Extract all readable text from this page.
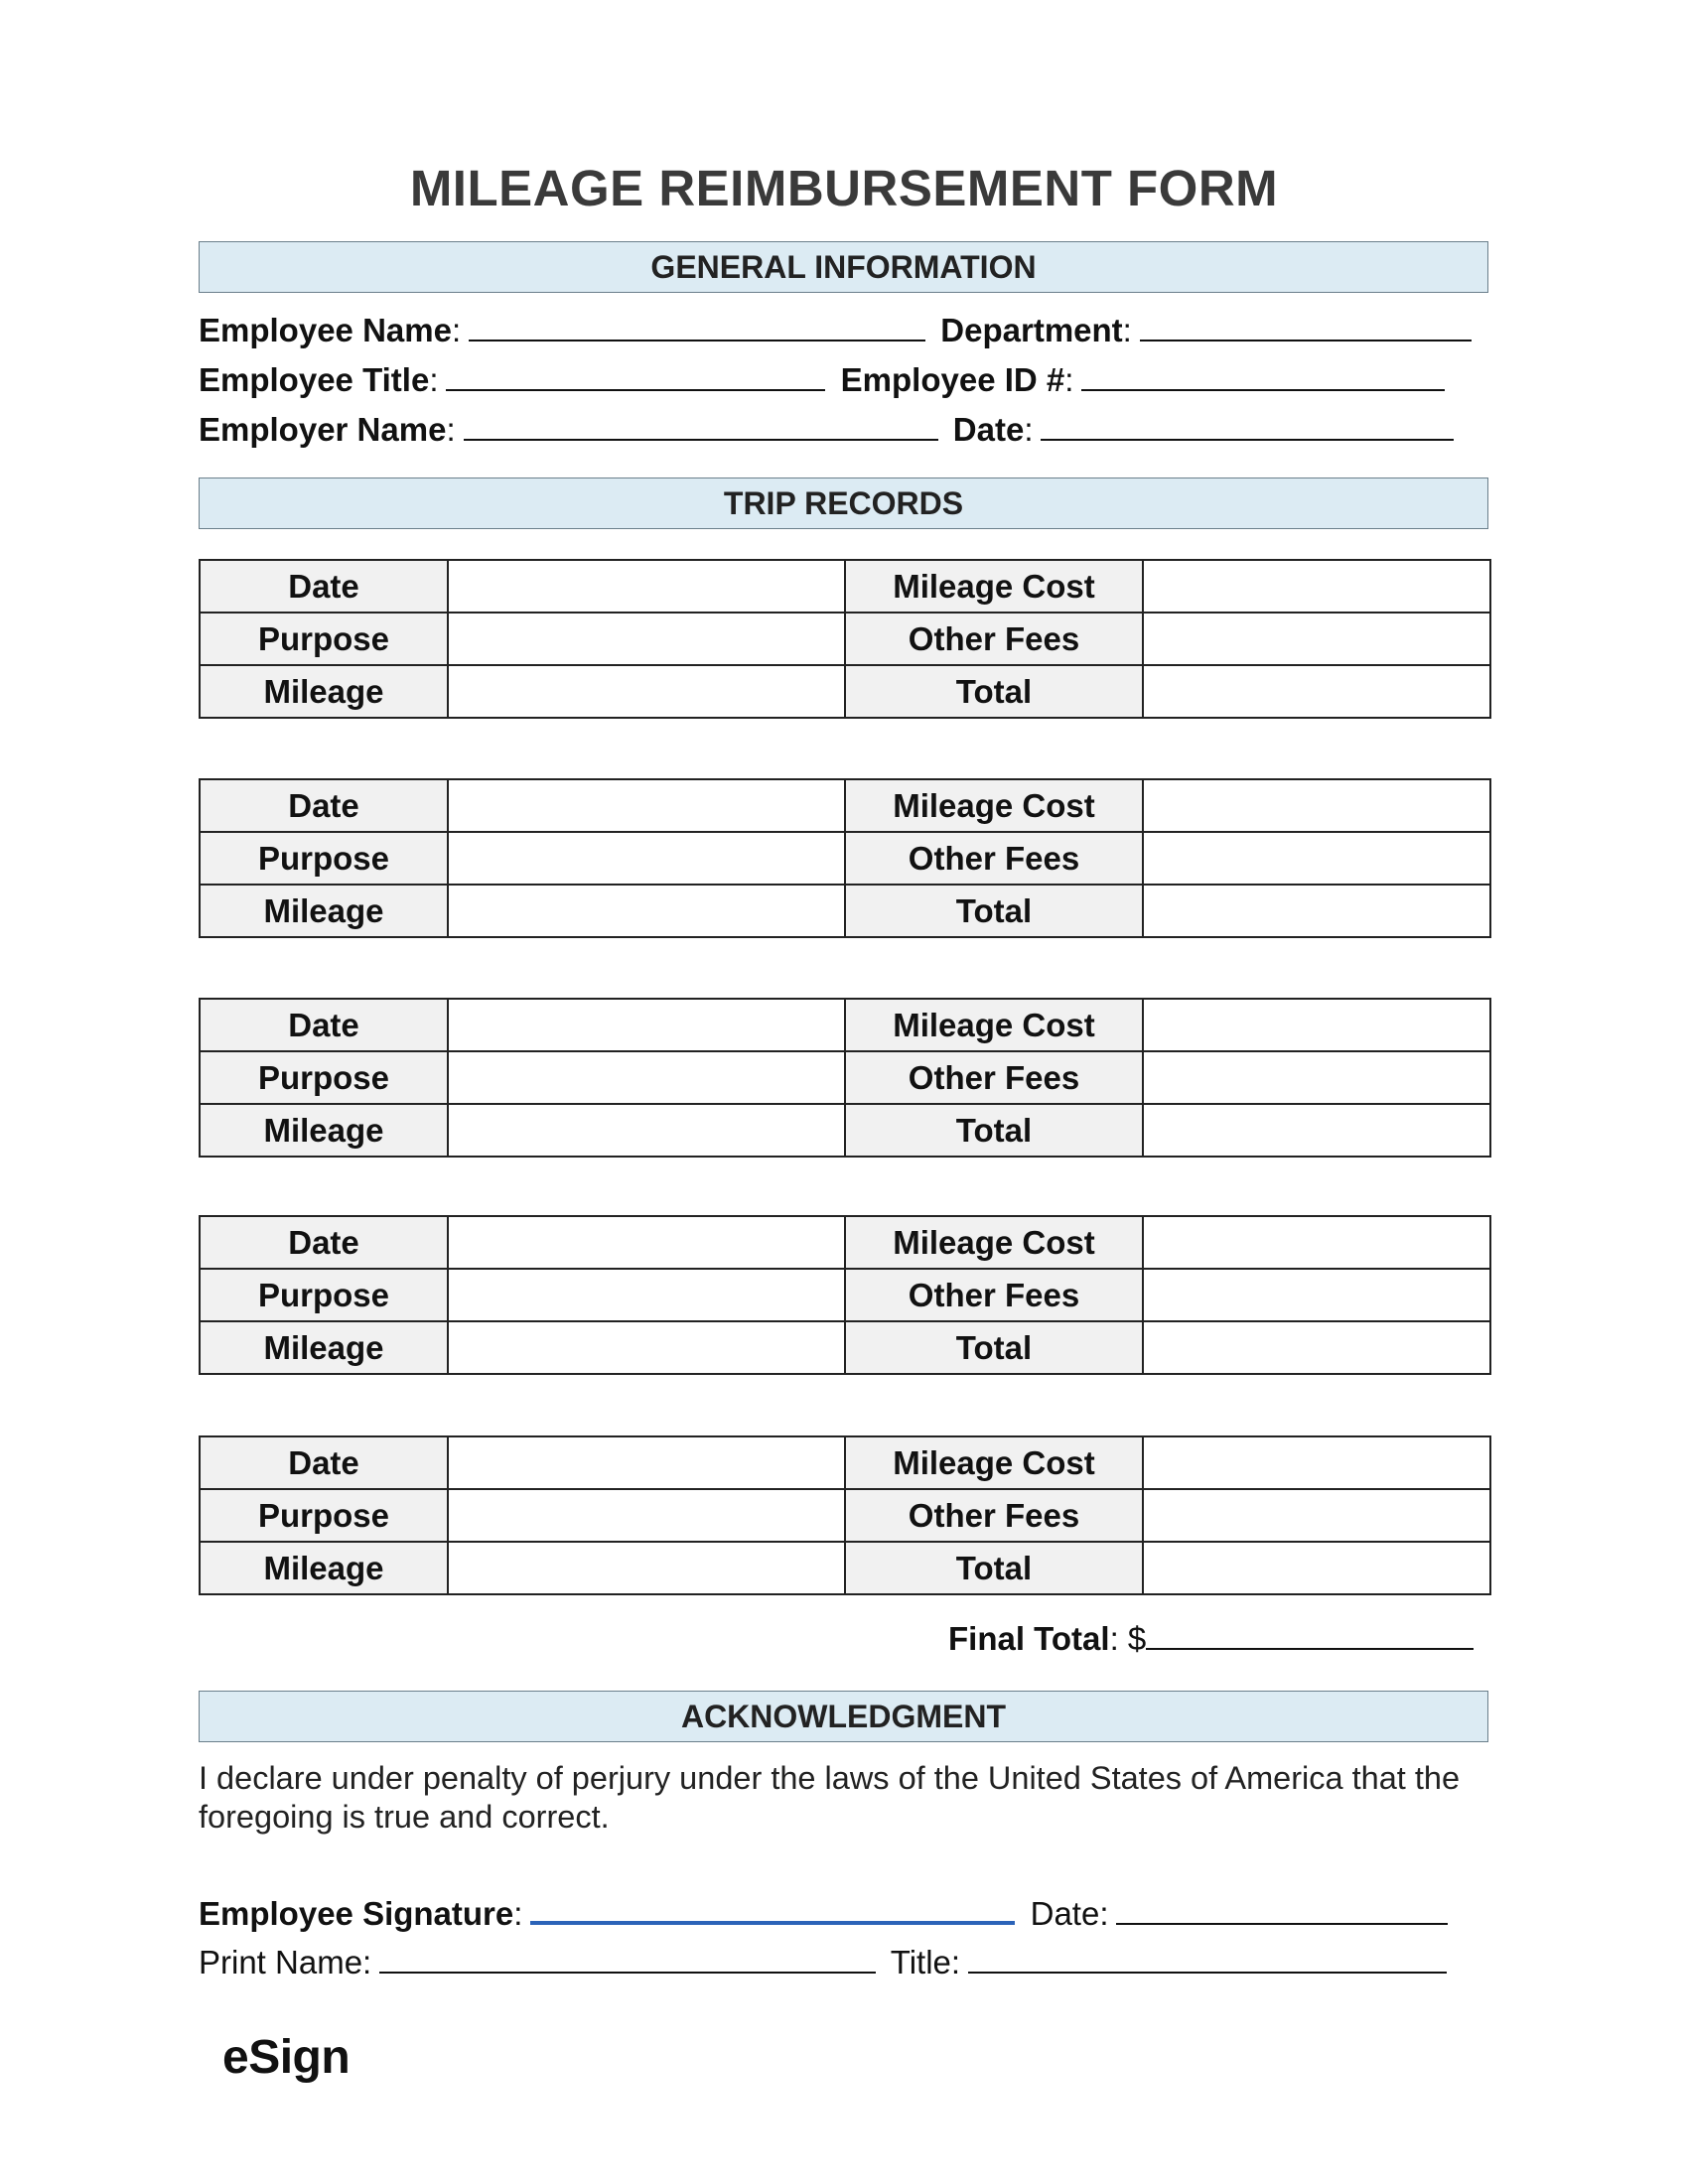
MILEAGE REIMBURSEMENT FORM
GENERAL INFORMATION
Employee Name:	Department:
Employee Title:	Employee ID #:
Employer Name:	Date:
TRIP RECORDS
Date		Mileage Cost	
Purpose		Other Fees	
Mileage		Total	
Date		Mileage Cost	
Purpose		Other Fees	
Mileage		Total	
Date		Mileage Cost	
Purpose		Other Fees	
Mileage		Total	
Date		Mileage Cost	
Purpose		Other Fees	
Mileage		Total	
Date		Mileage Cost	
Purpose		Other Fees	
Mileage		Total	
Final Total: $
ACKNOWLEDGMENT
I declare under penalty of perjury under the laws of the United States of America that the foregoing is true and correct.
Employee Signature:	Date:
Print Name:	Title:
eSign
